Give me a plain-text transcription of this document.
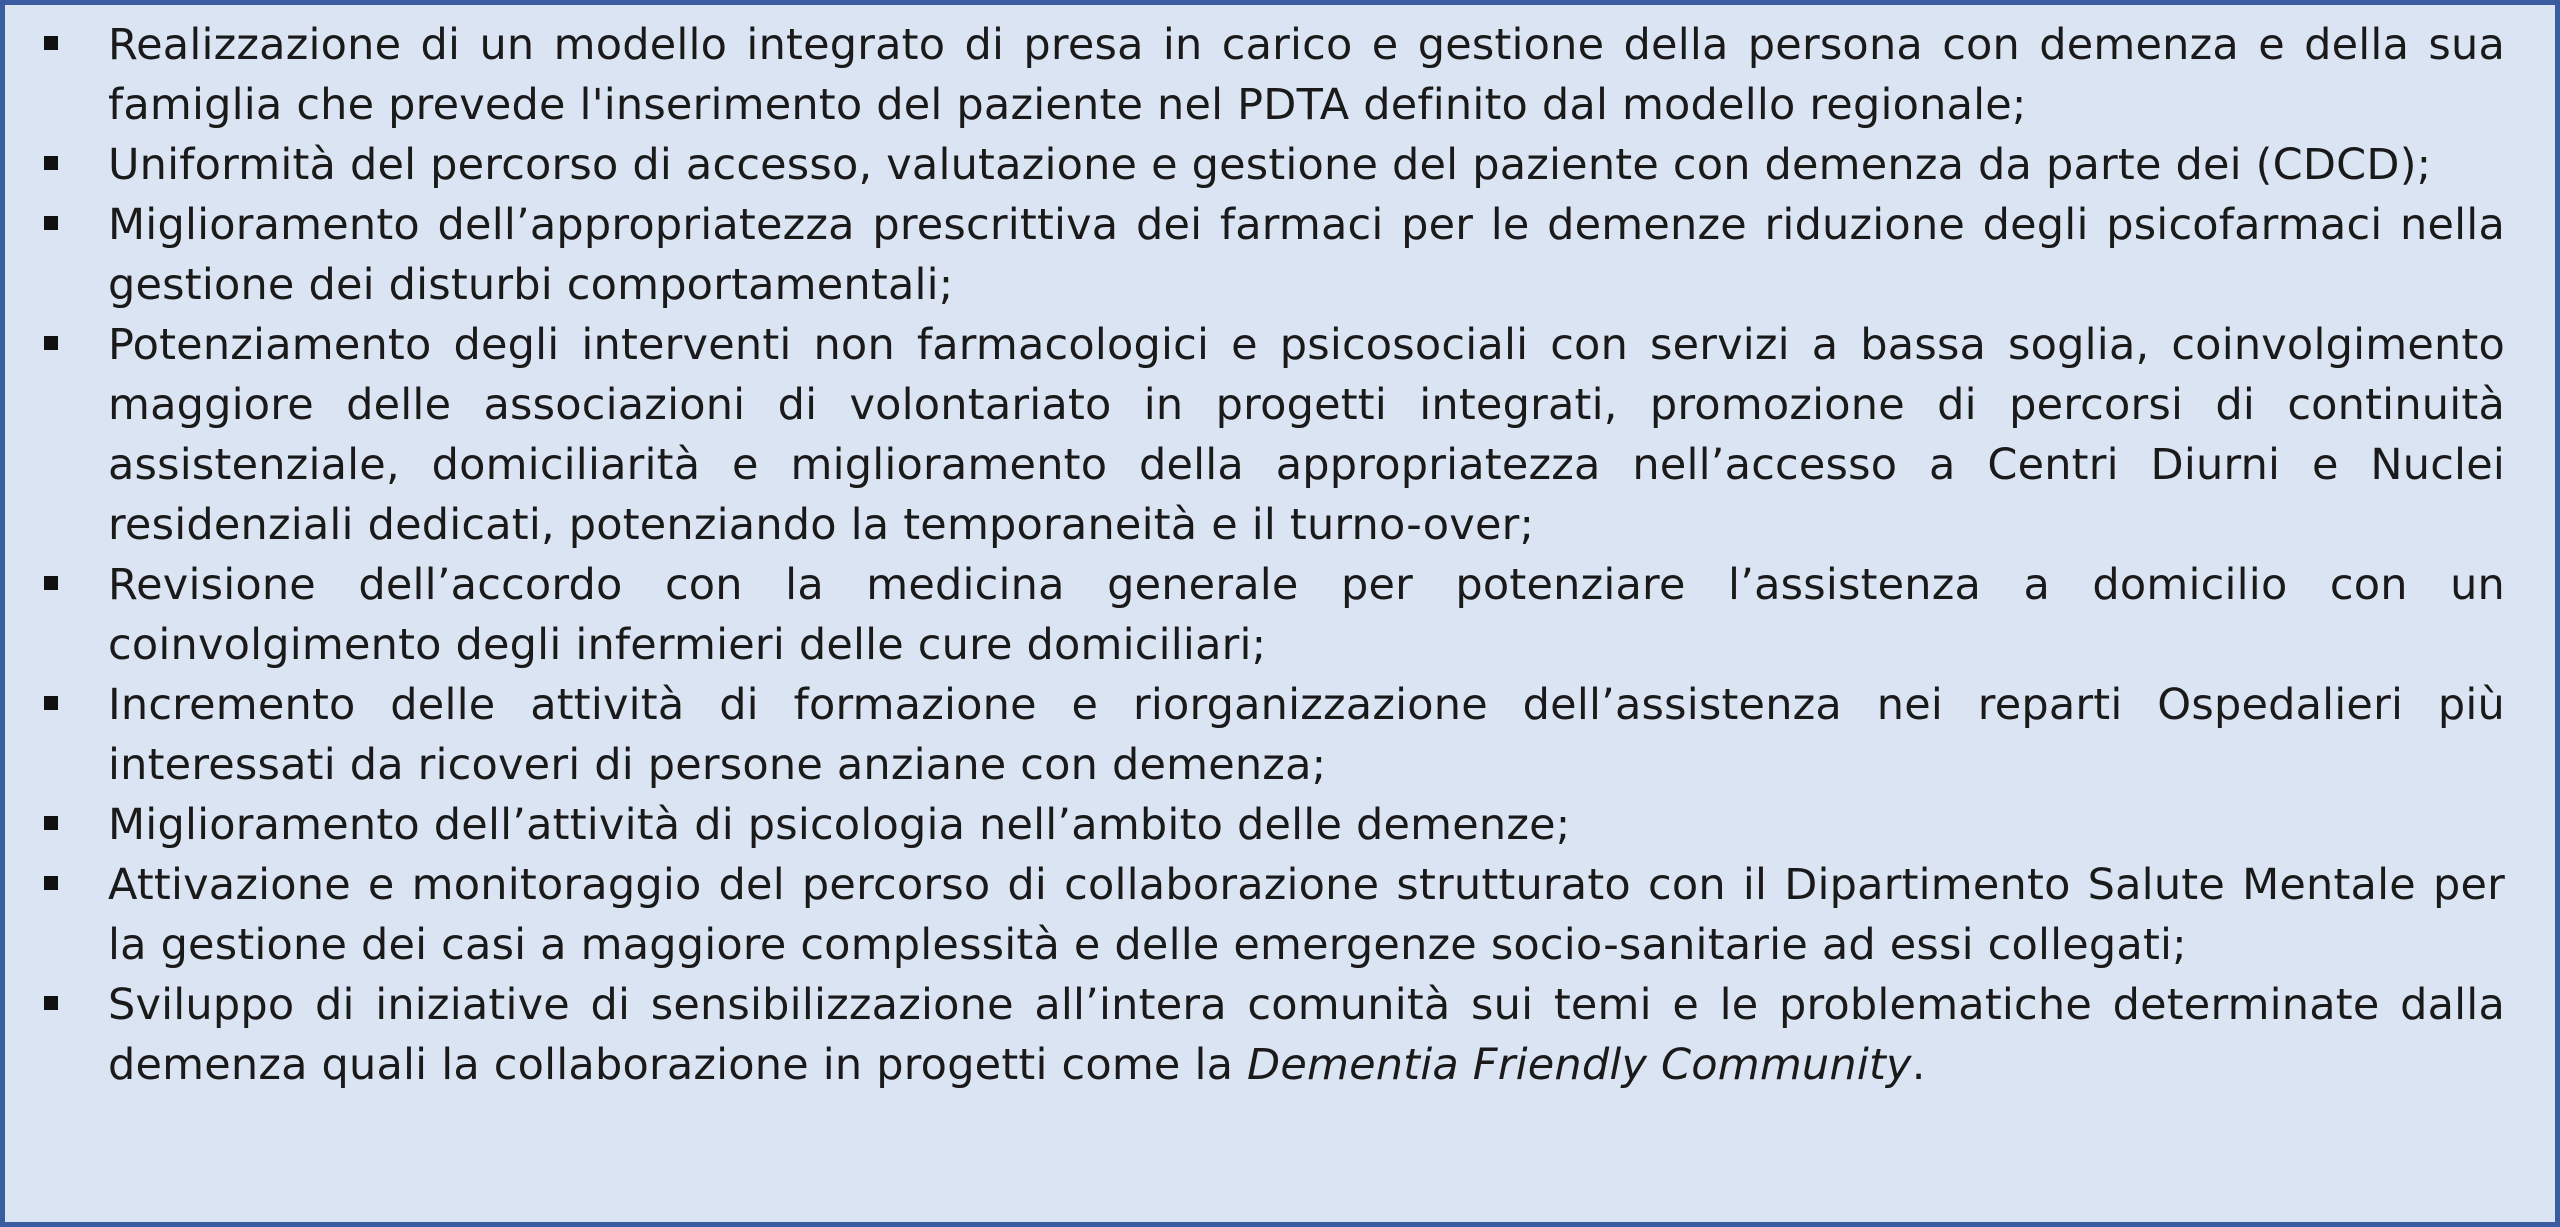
Realizzazione di un modello integrato di presa in carico e gestione della persona con demenza e della sua famiglia che prevede l'inserimento del paziente nel PDTA definito dal modello regionale;
Uniformità del percorso di accesso, valutazione e gestione del paziente con demenza da parte dei (CDCD);
Miglioramento dell’appropriatezza prescrittiva dei farmaci per le demenze riduzione degli psicofarmaci nella gestione dei disturbi comportamentali;
Potenziamento degli interventi non farmacologici e psicosociali con servizi a bassa soglia, coinvolgimento maggiore delle associazioni di volontariato in progetti integrati, promozione di percorsi di continuità assistenziale, domiciliarità e miglioramento della appropriatezza nell’accesso a Centri Diurni e Nuclei residenziali dedicati, potenziando la temporaneità e il turno-over;
Revisione dell’accordo con la medicina generale per potenziare l’assistenza a domicilio con un coinvolgimento degli infermieri delle cure domiciliari;
Incremento delle attività di formazione e riorganizzazione dell’assistenza nei reparti Ospedalieri più interessati da ricoveri di persone anziane con demenza;
Miglioramento dell’attività di psicologia nell’ambito delle demenze;
Attivazione e monitoraggio del percorso di collaborazione strutturato con il Dipartimento Salute Mentale per la gestione dei casi a maggiore complessità e delle emergenze socio-sanitarie ad essi collegati;
Sviluppo di iniziative di sensibilizzazione all’intera comunità sui temi e le problematiche determinate dalla demenza quali la collaborazione in progetti come la Dementia Friendly Community.
